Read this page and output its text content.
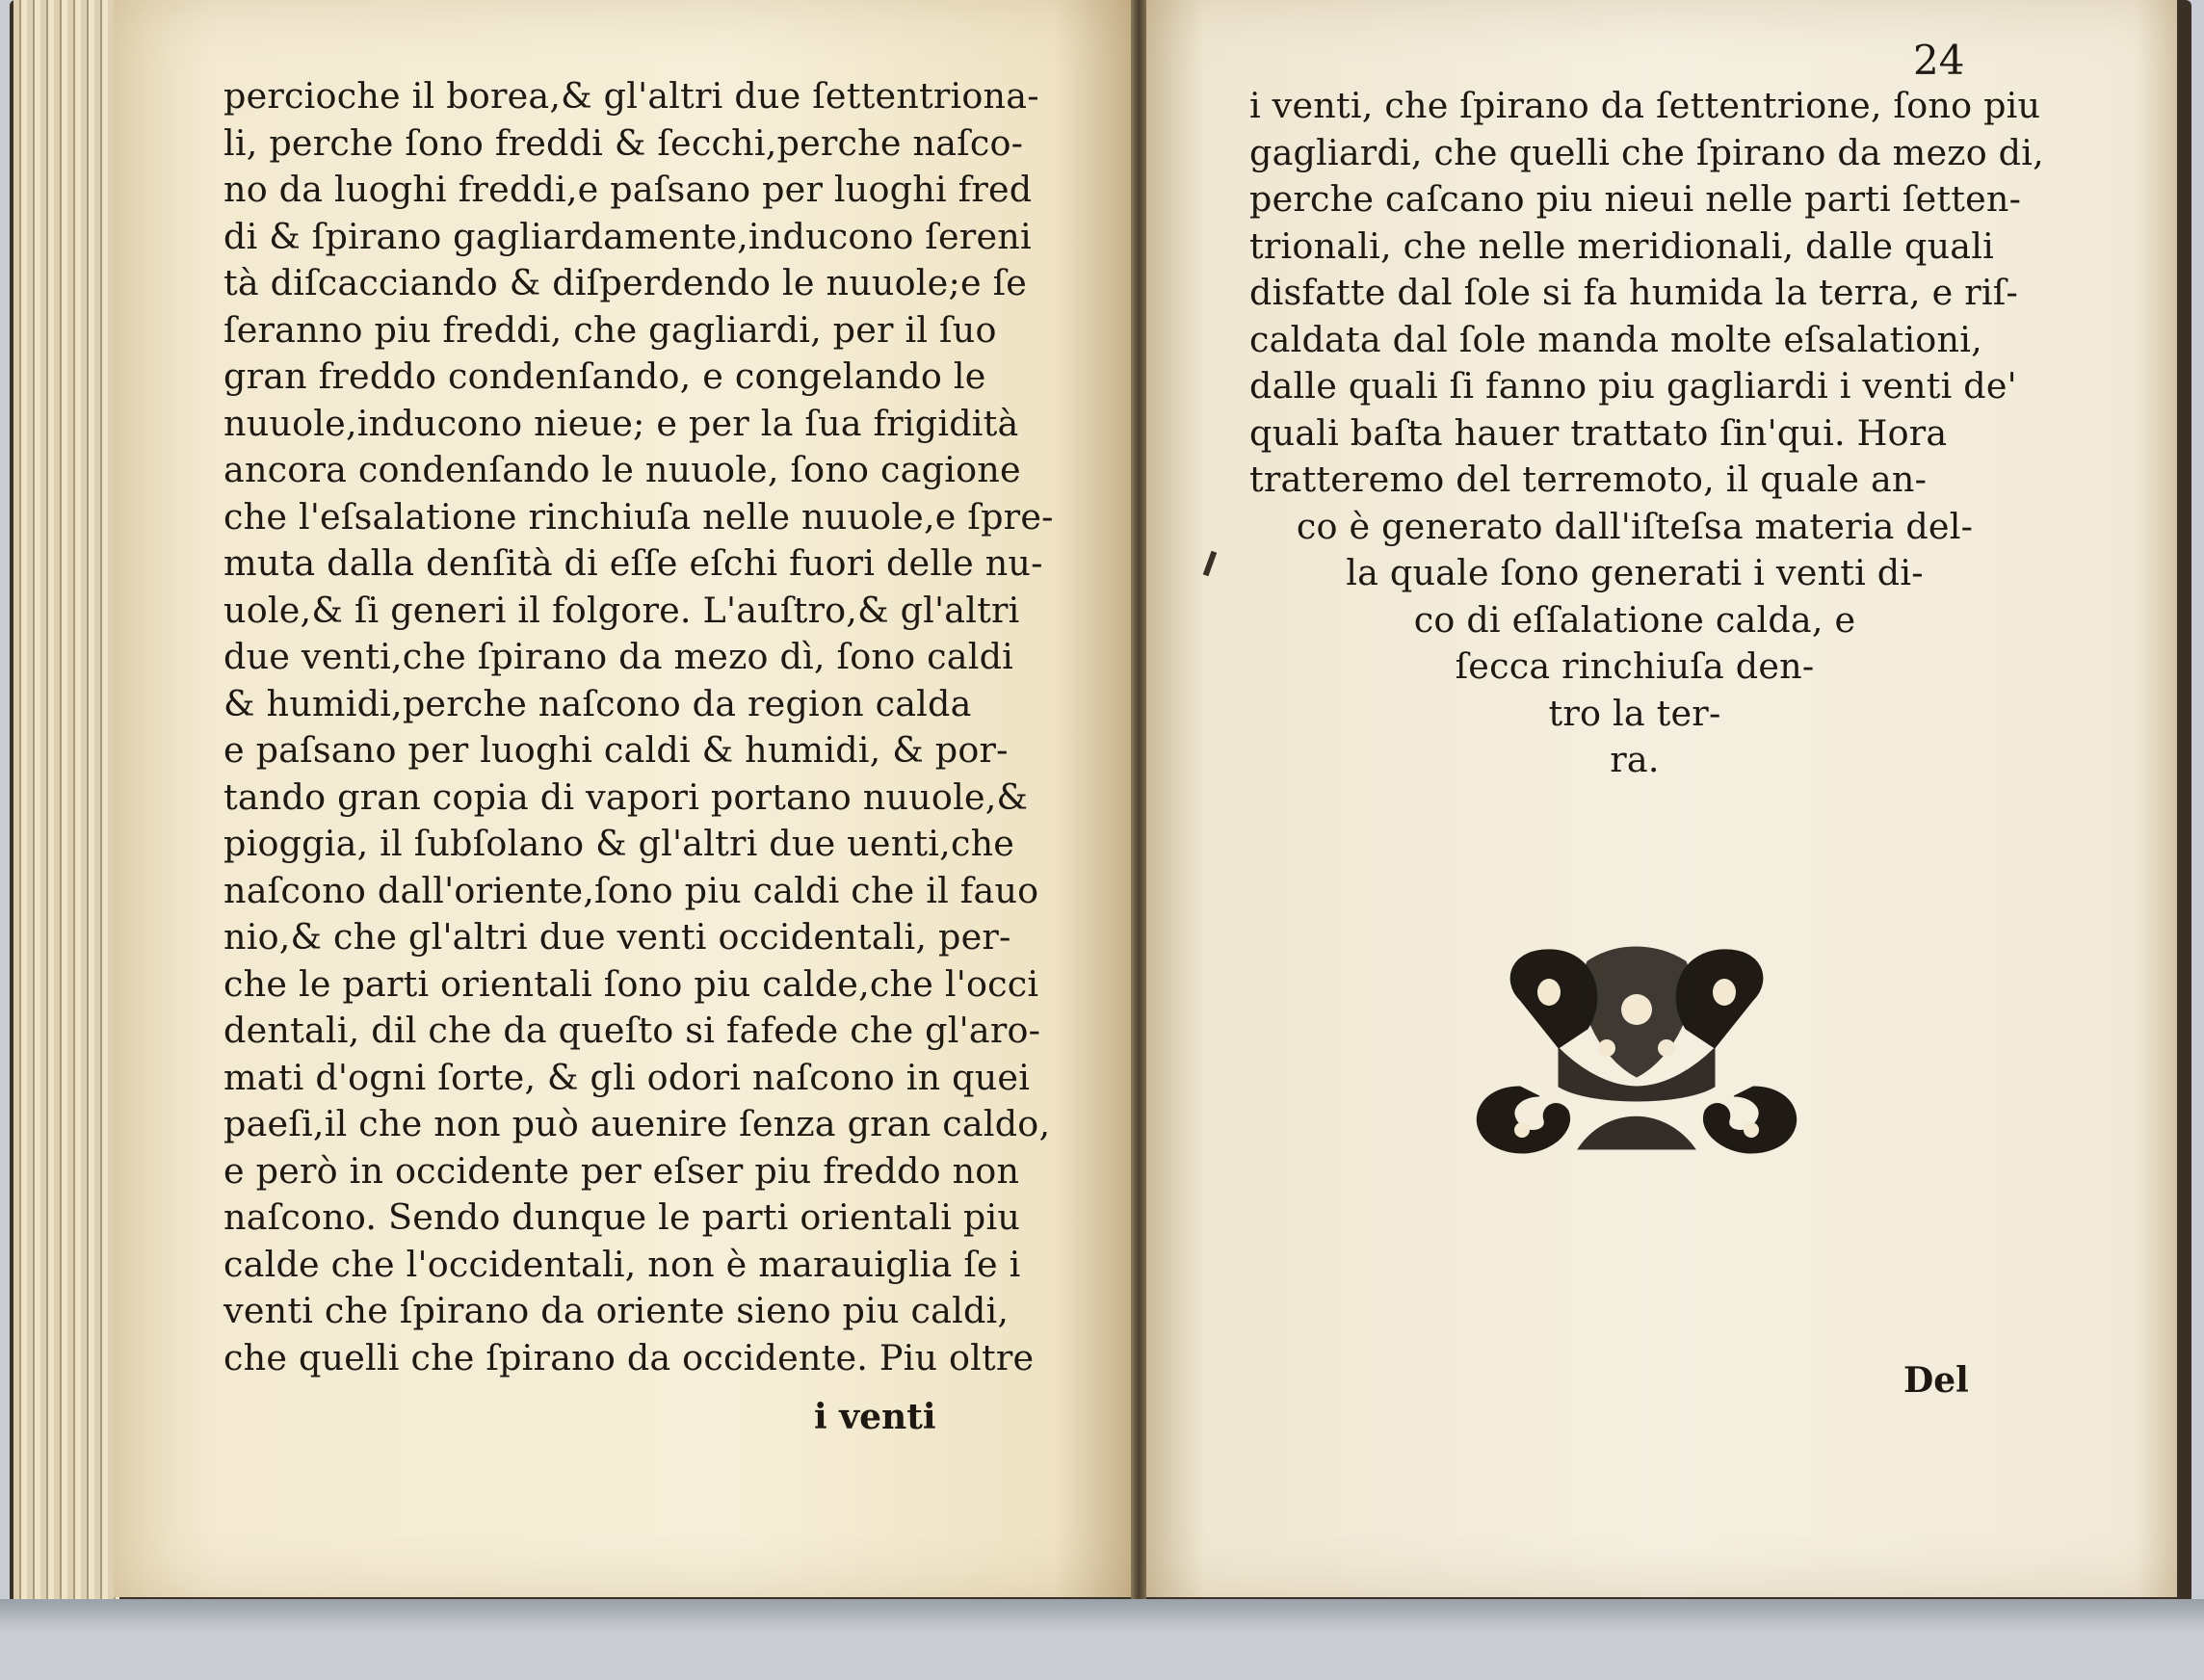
percioche il borea,& gl'altri due ſettentriona-
li, perche ſono freddi & ſecchi,perche naſco-
no da luoghi freddi,e paſsano per luoghi fred
di & ſpirano gagliardamente,inducono ſereni
tà diſcacciando & diſperdendo le nuuole;e ſe
ſeranno piu freddi, che gagliardi, per il ſuo
gran freddo condenſando, e congelando le
nuuole,inducono nieue; e per la ſua frigidità
ancora condenſando le nuuole, ſono cagione
che l'eſsalatione rinchiuſa nelle nuuole,e ſpre-
muta dalla denſità di eſſe eſchi fuori delle nu-
uole,& ſi generi il folgore. L'auſtro,& gl'altri
due venti,che ſpirano da mezo dì, ſono caldi
& humidi,perche naſcono da region calda
e paſsano per luoghi caldi & humidi, & por-
tando gran copia di vapori portano nuuole,&
pioggia, il ſubſolano & gl'altri due uenti,che
naſcono dall'oriente,ſono piu caldi che il fauo
nio,& che gl'altri due venti occidentali, per-
che le parti orientali ſono piu calde,che l'occi
dentali, dil che da queſto si fafede che gl'aro-
mati d'ogni ſorte, & gli odori naſcono in quei
paeſi,il che non può auenire ſenza gran caldo,
e però in occidente per eſser piu freddo non
naſcono. Sendo dunque le parti orientali piu
calde che l'occidentali, non è marauiglia ſe i
venti che ſpirano da oriente sieno piu caldi,
che quelli che ſpirano da occidente. Piu oltre
i venti
24
i venti, che ſpirano da ſettentrione, ſono piu
gagliardi, che quelli che ſpirano da mezo di,
perche caſcano piu nieui nelle parti ſetten-
trionali, che nelle meridionali, dalle quali
disfatte dal ſole si fa humida la terra, e riſ-
caldata dal ſole manda molte eſsalationi,
dalle quali ſi fanno piu gagliardi i venti de'
quali baſta hauer trattato ſin'qui. Hora
tratteremo del terremoto, il quale an-
co è generato dall'iſteſsa materia del-
la quale ſono generati i venti di-
co di eſſalatione calda, e
ſecca rinchiuſa den-
tro la ter-
ra.
Del
